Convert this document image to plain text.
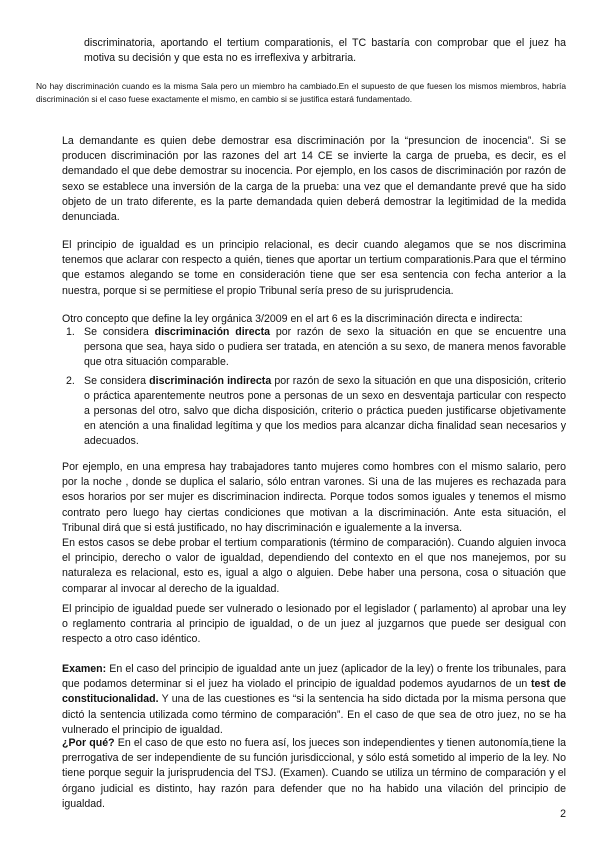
discriminatoria, aportando el tertium comparationis, el TC bastaría con comprobar que el juez ha motiva su decisión y que esta no es irreflexiva y arbitraria.

No hay discriminación cuando es la misma Sala pero un miembro ha cambiado.En el supuesto de que fuesen los mismos miembros, habría discriminación si el caso fuese exactamente el mismo, en cambio si se justifica estará fundamentado.

La demandante es quien debe demostrar esa discriminación por la “presuncion de inocencia”. Si se producen discriminación por las razones del art 14 CE se invierte la carga de prueba, es decir, es el demandado el que debe demostrar su inocencia. Por ejemplo, en los casos de discriminación por razón de sexo se establece una inversión de la carga de la prueba: una vez que el demandante prevé que ha sido objeto de un trato diferente, es la parte demandada quien deberá demostrar la legitimidad de la medida denunciada.

El principio de igualdad es un principio relacional, es decir cuando alegamos que se nos discrimina tenemos que aclarar con respecto a quién, tienes que aportar un tertium comparationis.Para que el término que estamos alegando se tome en consideración tiene que ser esa sentencia con fecha anterior a la nuestra, porque si se permitiese el propio Tribunal sería preso de su jurisprudencia.

Otro concepto que define la ley orgánica 3/2009 en el art 6 es la discriminación directa e indirecta:

1. Se considera discriminación directa por razón de sexo la situación en que se encuentre una persona que sea, haya sido o pudiera ser tratada, en atención a su sexo, de manera menos favorable que otra situación comparable.
2. Se considera discriminación indirecta por razón de sexo la situación en que una disposición, criterio o práctica aparentemente neutros pone a personas de un sexo en desventaja particular con respecto a personas del otro, salvo que dicha disposición, criterio o práctica pueden justificarse objetivamente en atención a una finalidad legítima y que los medios para alcanzar dicha finalidad sean necesarios y adecuados.

Por ejemplo, en una empresa hay trabajadores tanto mujeres como hombres con el mismo salario, pero por la noche , donde se duplica el salario, sólo entran varones. Si una de las mujeres es rechazada para esos horarios por ser mujer es discriminacion indirecta. Porque todos somos iguales y tenemos el mismo contrato pero luego hay ciertas condiciones que motivan a la discriminación. Ante esta situación, el Tribunal dirá que si está justificado, no hay discriminación e igualemente a la inversa.

En estos casos se debe probar el tertium comparationis (término de comparación). Cuando alguien invoca el principio, derecho o valor de igualdad, dependiendo del contexto en el que nos manejemos, por su naturaleza es relacional, esto es, igual a algo o alguien. Debe haber una persona, cosa o situación que comparar al invocar al derecho de la igualdad.

El principio de igualdad puede ser vulnerado o lesionado por el legislador ( parlamento) al aprobar una ley o reglamento contraria al principio de igualdad, o de un juez al juzgarnos que puede ser desigual con respecto a otro caso idéntico.

Examen: En el caso del principio de igualdad ante un juez (aplicador de la ley) o frente los tribunales, para que podamos determinar si el juez ha violado el principio de igualdad podemos ayudarnos de un test de constitucionalidad. Y una de las cuestiones es “si la sentencia ha sido dictada por la misma persona que dictó la sentencia utilizada como término de comparación”. En el caso de que sea de otro juez, no se ha vulnerado el principio de igualdad.

¿Por qué? En el caso de que esto no fuera así, los jueces son independientes y tienen autonomía,tiene la prerrogativa de ser independiente de su función jurisdiccional, y sólo está sometido al imperio de la ley. No tiene porque seguir la jurisprudencia del TSJ. (Examen). Cuando se utiliza un término de comparación y el órgano judicial es distinto, hay razón para defender que no ha habido una vilación del principio de igualdad.

2
